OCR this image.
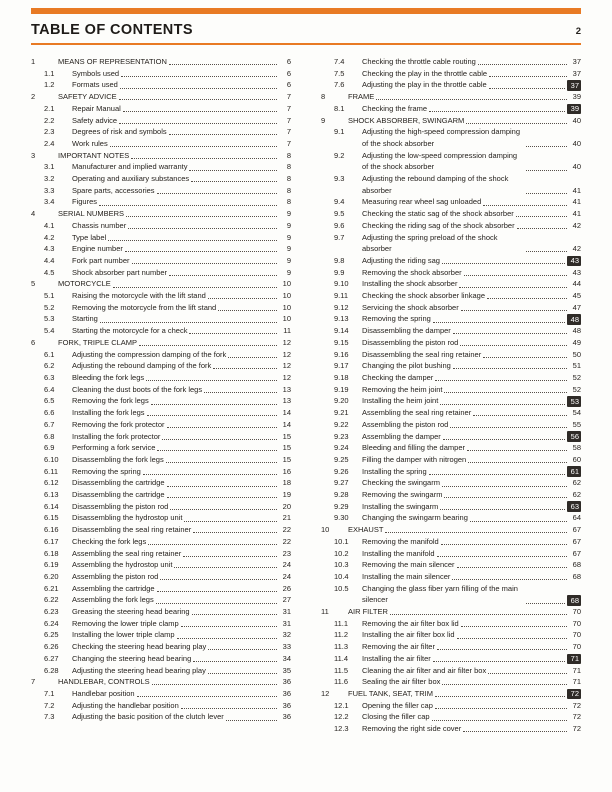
TABLE OF CONTENTS	2
1	MEANS OF REPRESENTATION	6
1.1	Symbols used	6
1.2	Formats used	6
2	SAFETY ADVICE	7
2.1	Repair Manual	7
2.2	Safety advice	7
2.3	Degrees of risk and symbols	7
2.4	Work rules	7
3	IMPORTANT NOTES	8
3.1	Manufacturer and implied warranty	8
3.2	Operating and auxiliary substances	8
3.3	Spare parts, accessories	8
3.4	Figures	8
4	SERIAL NUMBERS	9
4.1	Chassis number	9
4.2	Type label	9
4.3	Engine number	9
4.4	Fork part number	9
4.5	Shock absorber part number	9
5	MOTORCYCLE	10
5.1	Raising the motorcycle with the lift stand	10
5.2	Removing the motorcycle from the lift stand	10
5.3	Starting	10
5.4	Starting the motorcycle for a check	11
6	FORK, TRIPLE CLAMP	12
6.1	Adjusting the compression damping of the fork	12
6.2	Adjusting the rebound damping of the fork	12
6.3	Bleeding the fork legs	12
6.4	Cleaning the dust boots of the fork legs	13
6.5	Removing the fork legs	13
6.6	Installing the fork legs	14
6.7	Removing the fork protector	14
6.8	Installing the fork protector	15
6.9	Performing a fork service	15
6.10	Disassembling the fork legs	15
6.11	Removing the spring	16
6.12	Disassembling the cartridge	18
6.13	Disassembling the cartridge	19
6.14	Disassembling the piston rod	20
6.15	Disassembling the hydrostop unit	21
6.16	Disassembling the seal ring retainer	22
6.17	Checking the fork legs	22
6.18	Assembling the seal ring retainer	23
6.19	Assembling the hydrostop unit	24
6.20	Assembling the piston rod	24
6.21	Assembling the cartridge	26
6.22	Assembling the fork legs	27
6.23	Greasing the steering head bearing	31
6.24	Removing the lower triple clamp	31
6.25	Installing the lower triple clamp	32
6.26	Checking the steering head bearing play	33
6.27	Changing the steering head bearing	34
6.28	Adjusting the steering head bearing play	35
7	HANDLEBAR, CONTROLS	36
7.1	Handlebar position	36
7.2	Adjusting the handlebar position	36
7.3	Adjusting the basic position of the clutch lever	36
7.4	Checking the throttle cable routing	37
7.5	Checking the play in the throttle cable	37
7.6	Adjusting the play in the throttle cable	37
8	FRAME	39
8.1	Checking the frame	39
9	SHOCK ABSORBER, SWINGARM	40
9.1	Adjusting the high-speed compression damping of the shock absorber	40
9.2	Adjusting the low-speed compression damping of the shock absorber	40
9.3	Adjusting the rebound damping of the shock absorber	41
9.4	Measuring rear wheel sag unloaded	41
9.5	Checking the static sag of the shock absorber	41
9.6	Checking the riding sag of the shock absorber	42
9.7	Adjusting the spring preload of the shock absorber	42
9.8	Adjusting the riding sag	43
9.9	Removing the shock absorber	43
9.10	Installing the shock absorber	44
9.11	Checking the shock absorber linkage	45
9.12	Servicing the shock absorber	47
9.13	Removing the spring	48
9.14	Disassembling the damper	48
9.15	Disassembling the piston rod	49
9.16	Disassembling the seal ring retainer	50
9.17	Changing the pilot bushing	51
9.18	Checking the damper	52
9.19	Removing the heim joint	52
9.20	Installing the heim joint	53
9.21	Assembling the seal ring retainer	54
9.22	Assembling the piston rod	55
9.23	Assembling the damper	56
9.24	Bleeding and filling the damper	58
9.25	Filling the damper with nitrogen	60
9.26	Installing the spring	61
9.27	Checking the swingarm	62
9.28	Removing the swingarm	62
9.29	Installing the swingarm	63
9.30	Changing the swingarm bearing	64
10	EXHAUST	67
10.1	Removing the manifold	67
10.2	Installing the manifold	67
10.3	Removing the main silencer	68
10.4	Installing the main silencer	68
10.5	Changing the glass fiber yarn filling of the main silencer	68
11	AIR FILTER	70
11.1	Removing the air filter box lid	70
11.2	Installing the air filter box lid	70
11.3	Removing the air filter	70
11.4	Installing the air filter	71
11.5	Cleaning the air filter and air filter box	71
11.6	Sealing the air filter box	71
12	FUEL TANK, SEAT, TRIM	72
12.1	Opening the filler cap	72
12.2	Closing the filler cap	72
12.3	Removing the right side cover	72
